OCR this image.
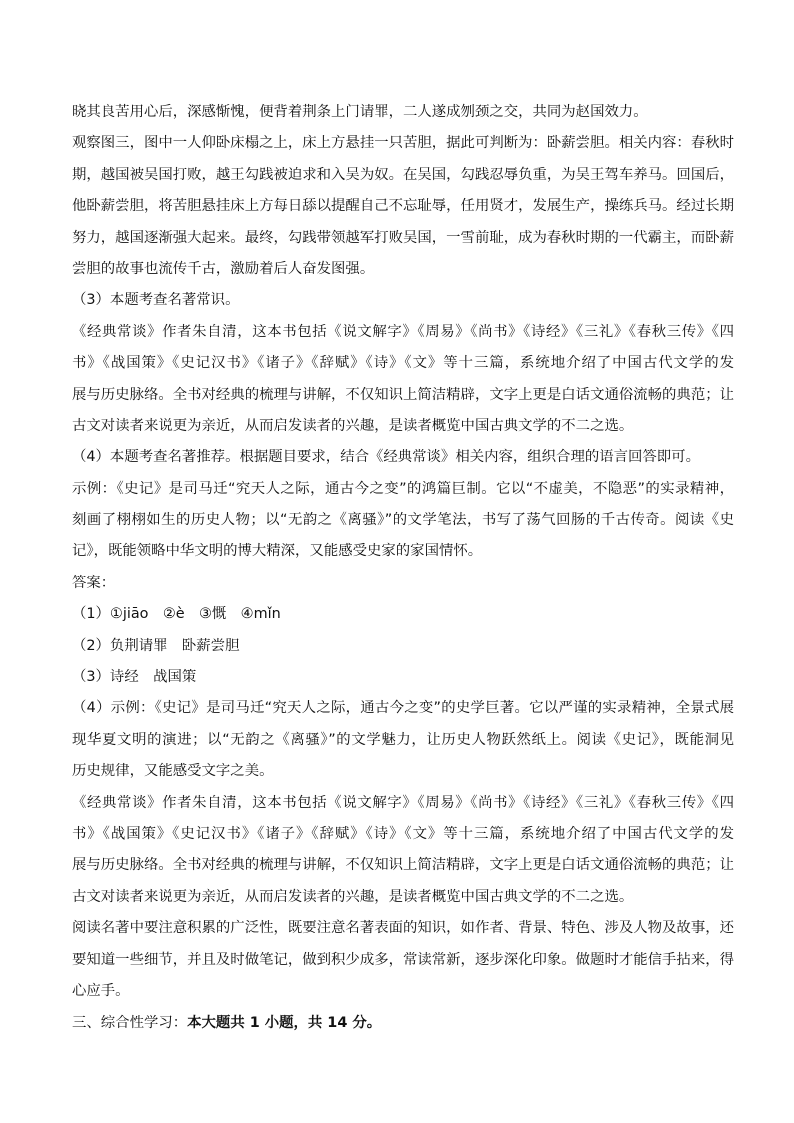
晓其良苦用心后，深感惭愧，便背着荆条上门请罪，二人遂成刎颈之交，共同为赵国效力。
观察图三，图中一人仰卧床榻之上，床上方悬挂一只苦胆，据此可判断为：卧薪尝胆。相关内容：春秋时
期，越国被吴国打败，越王勾践被迫求和入吴为奴。在吴国，勾践忍辱负重，为吴王驾车养马。回国后，
他卧薪尝胆，将苦胆悬挂床上方每日舔以提醒自己不忘耻辱，任用贤才，发展生产，操练兵马。经过长期
努力，越国逐渐强大起来。最终，勾践带领越军打败吴国，一雪前耻，成为春秋时期的一代霸主，而卧薪
尝胆的故事也流传千古，激励着后人奋发图强。
（3）本题考查名著常识。
《经典常谈》作者朱自清，这本书包括《说文解字》《周易》《尚书》《诗经》《三礼》《春秋三传》《四
书》《战国策》《史记汉书》《诸子》《辞赋》《诗》《文》等十三篇，系统地介绍了中国古代文学的发
展与历史脉络。全书对经典的梳理与讲解，不仅知识上简洁精辟，文字上更是白话文通俗流畅的典范；让
古文对读者来说更为亲近，从而启发读者的兴趣，是读者概览中国古典文学的不二之选。
（4）本题考查名著推荐。根据题目要求，结合《经典常谈》相关内容，组织合理的语言回答即可。
示例：《史记》是司马迁“究天人之际，通古今之变”的鸿篇巨制。它以“不虚美，不隐恶”的实录精神，
刻画了栩栩如生的历史人物；以“无韵之《离骚》”的文学笔法，书写了荡气回肠的千古传奇。阅读《史
记》，既能领略中华文明的博大精深，又能感受史家的家国情怀。
答案：
（1）①jiāo　②è　③慨　④mǐn
（2）负荆请罪　卧薪尝胆
（3）诗经　战国策
（4）示例：《史记》是司马迁“究天人之际，通古今之变”的史学巨著。它以严谨的实录精神，全景式展
现华夏文明的演进；以“无韵之《离骚》”的文学魅力，让历史人物跃然纸上。阅读《史记》，既能洞见
历史规律，又能感受文字之美。
《经典常谈》作者朱自清，这本书包括《说文解字》《周易》《尚书》《诗经》《三礼》《春秋三传》《四
书》《战国策》《史记汉书》《诸子》《辞赋》《诗》《文》等十三篇，系统地介绍了中国古代文学的发
展与历史脉络。全书对经典的梳理与讲解，不仅知识上简洁精辟，文字上更是白话文通俗流畅的典范；让
古文对读者来说更为亲近，从而启发读者的兴趣，是读者概览中国古典文学的不二之选。
阅读名著中要注意积累的广泛性，既要注意名著表面的知识，如作者、背景、特色、涉及人物及故事，还
要知道一些细节，并且及时做笔记，做到积少成多，常读常新，逐步深化印象。做题时才能信手拈来，得
心应手。
三、综合性学习：本大题共 1 小题，共 14 分。
